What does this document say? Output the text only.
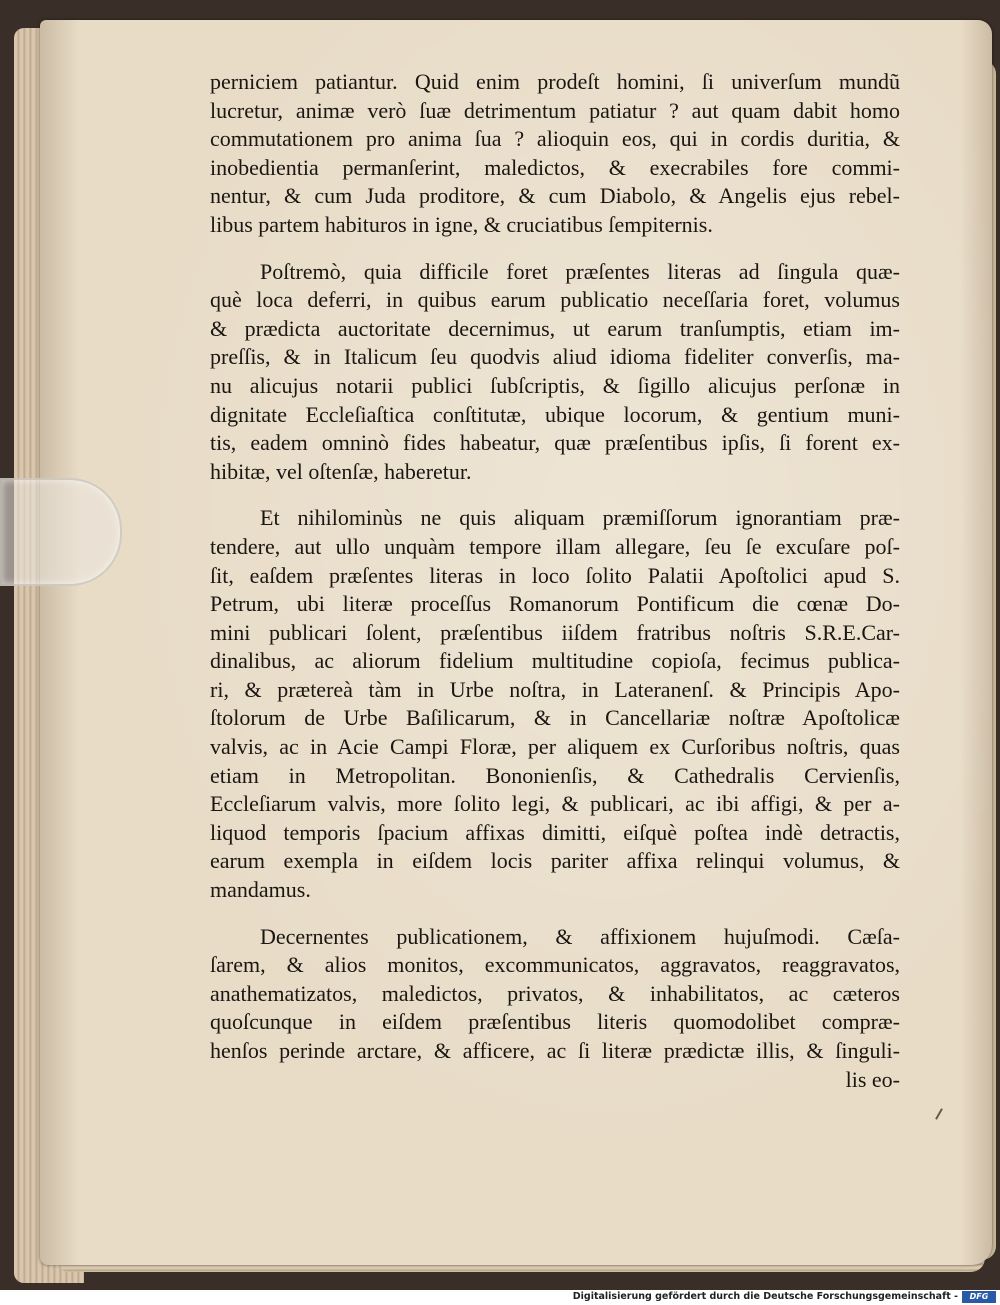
perniciem patiantur. Quid enim prodeſt homini, ſi univerſum mundũ
lucretur, animæ verò ſuæ detrimentum patiatur ? aut quam dabit homo
commutationem pro anima ſua ? alioquin eos, qui in cordis duritia, &
inobedientia permanſerint, maledictos, & execrabiles fore commi-
nentur, & cum Juda proditore, & cum Diabolo, & Angelis ejus rebel-
libus partem habituros in igne, & cruciatibus ſempiternis.

Poſtremò, quia difficile foret præſentes literas ad ſingula quæ-
què loca deferri, in quibus earum publicatio neceſſaria foret, volumus
& prædicta auctoritate decernimus, ut earum tranſumptis, etiam im-
preſſis, & in Italicum ſeu quodvis aliud idioma fideliter converſis, ma-
nu alicujus notarii publici ſubſcriptis, & ſigillo alicujus perſonæ in
dignitate Eccleſiaſtica conſtitutæ, ubique locorum, & gentium muni-
tis, eadem omninò fides habeatur, quæ præſentibus ipſis, ſi forent ex-
hibitæ, vel oſtenſæ, haberetur.

Et nihilominùs ne quis aliquam præmiſſorum ignorantiam præ-
tendere, aut ullo unquàm tempore illam allegare, ſeu ſe excuſare poſ-
ſit, eaſdem præſentes literas in loco ſolito Palatii Apoſtolici apud S.
Petrum, ubi literæ proceſſus Romanorum Pontificum die cœnæ Do-
mini publicari ſolent, præſentibus iiſdem fratribus noſtris S.R.E.Car-
dinalibus, ac aliorum fidelium multitudine copioſa, fecimus publica-
ri, & prætereà tàm in Urbe noſtra, in Lateranenſ. & Principis Apo-
ſtolorum de Urbe Baſilicarum, & in Cancellariæ noſtræ Apoſtolicæ
valvis, ac in Acie Campi Floræ, per aliquem ex Curſoribus noſtris, quas
etiam in Metropolitan. Bononienſis, & Cathedralis Cervienſis,
Eccleſiarum valvis, more ſolito legi, & publicari, ac ibi affigi, & per a-
liquod temporis ſpacium affixas dimitti, eiſquè poſtea indè detractis,
earum exempla in eiſdem locis pariter affixa relinqui volumus, &
mandamus.

Decernentes publicationem, & affixionem hujuſmodi. Cæſa-
ſarem, & alios monitos, excommunicatos, aggravatos, reaggravatos,
anathematizatos, maledictos, privatos, & inhabilitatos, ac cæteros
quoſcunque in eiſdem præſentibus literis quomodolibet compræ-
henſos perinde arctare, & afficere, ac ſi literæ prædictæ illis, & ſinguli-
lis eo-

Digitalisierung gefördert durch die Deutsche Forschungsgemeinschaft -	DFG
